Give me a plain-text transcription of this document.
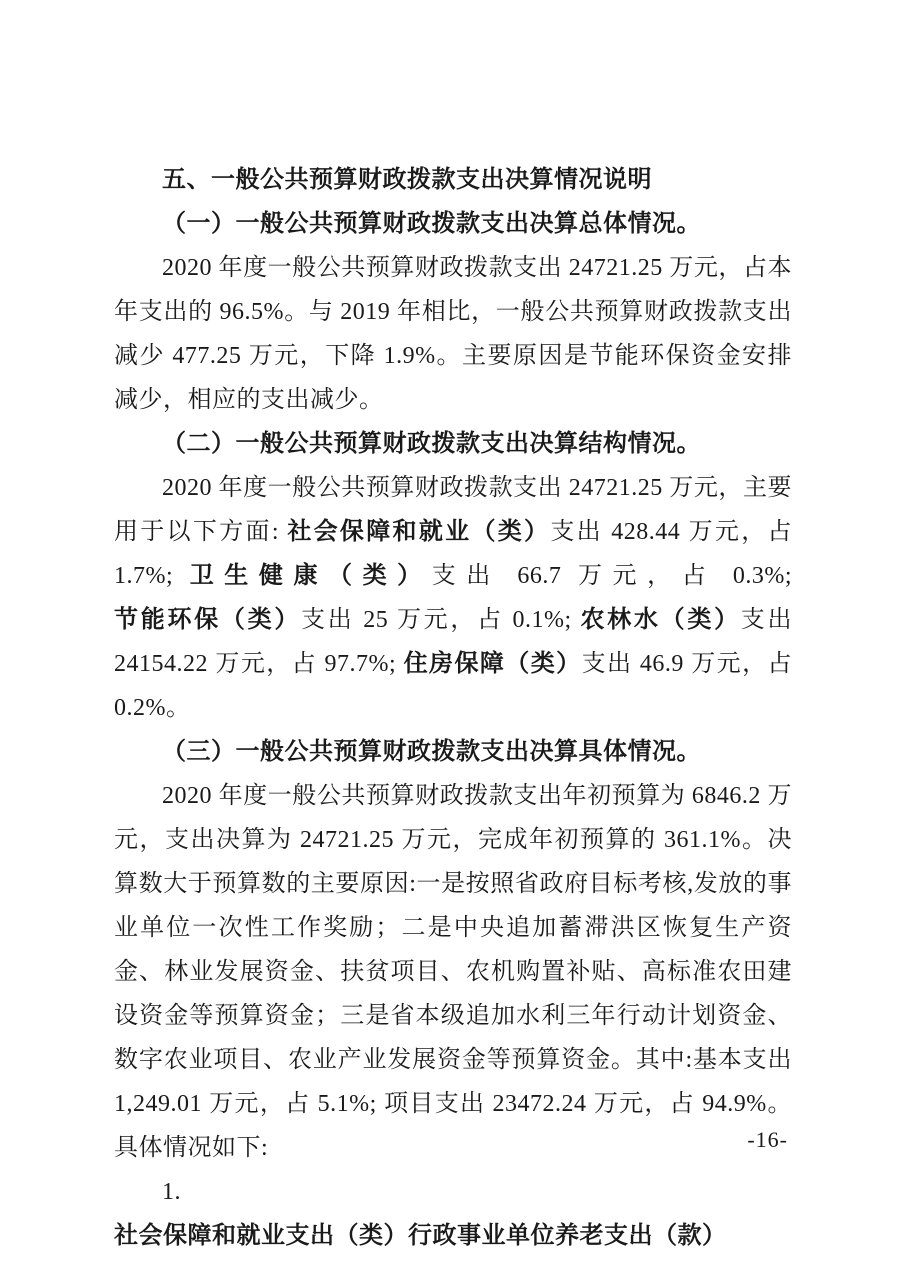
五、一般公共预算财政拨款支出决算情况说明

（一）一般公共预算财政拨款支出决算总体情况。

2020 年度一般公共预算财政拨款支出 24721.25 万元，占本年支出的 96.5%。与 2019 年相比，一般公共预算财政拨款支出减少 477.25 万元，下降 1.9%。主要原因是节能环保资金安排减少，相应的支出减少。

（二）一般公共预算财政拨款支出决算结构情况。

2020 年度一般公共预算财政拨款支出 24721.25 万元，主要用于以下方面: 社会保障和就业（类）支出 428.44 万元，占 1.7%; 卫生健康（类）支出 66.7 万元，占 0.3%; 节能环保（类）支出 25 万元，占 0.1%; 农林水（类）支出 24154.22 万元，占 97.7%; 住房保障（类）支出 46.9 万元，占 0.2%。

（三）一般公共预算财政拨款支出决算具体情况。

2020 年度一般公共预算财政拨款支出年初预算为 6846.2 万元，支出决算为 24721.25 万元，完成年初预算的 361.1%。决算数大于预算数的主要原因:一是按照省政府目标考核,发放的事业单位一次性工作奖励；二是中央追加蓄滞洪区恢复生产资金、林业发展资金、扶贫项目、农机购置补贴、高标准农田建设资金等预算资金；三是省本级追加水利三年行动计划资金、数字农业项目、农业产业发展资金等预算资金。其中:基本支出 1,249.01 万元，占 5.1%; 项目支出 23472.24 万元，占 94.9%。具体情况如下:

1. 社会保障和就业支出（类）行政事业单位养老支出（款）

-16-
